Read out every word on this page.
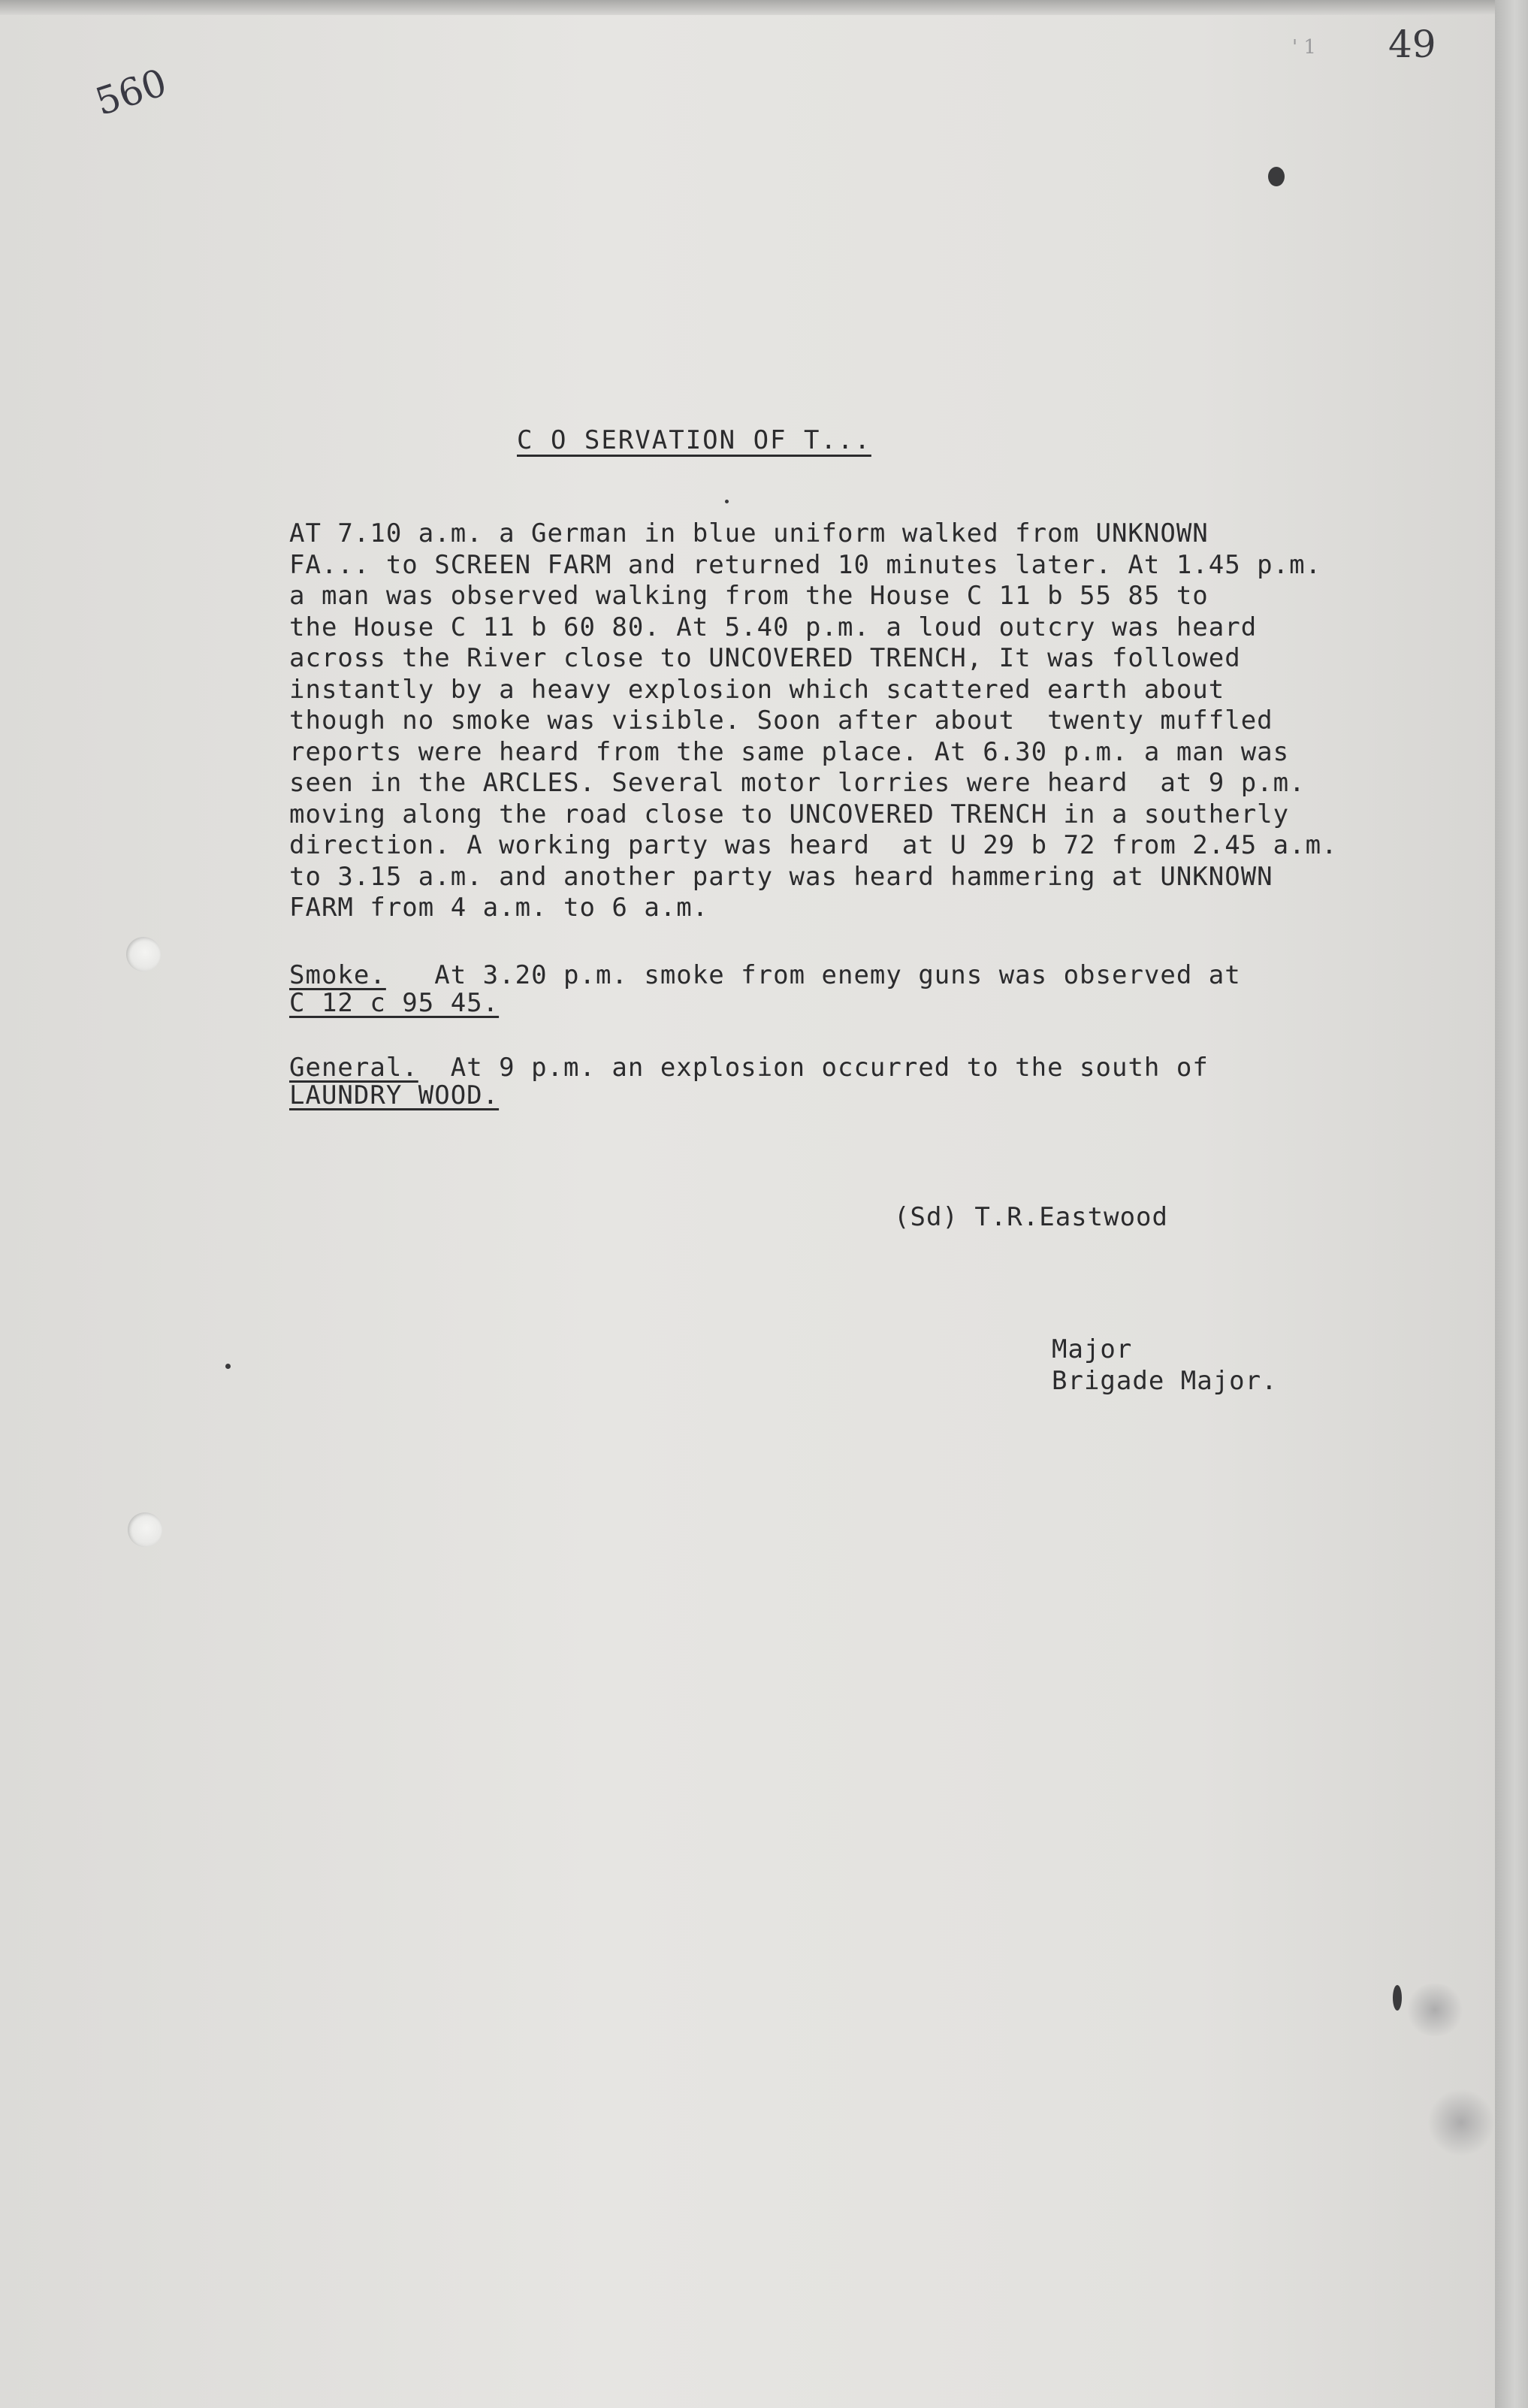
560
' 1 49
C O SERVATION OF T...
AT 7.10 a.m. a German in blue uniform walked from UNKNOWN
FA... to SCREEN FARM and returned 10 minutes later. At 1.45 p.m.
a man was observed walking from the House C 11 b 55 85 to
the House C 11 b 60 80. At 5.40 p.m. a loud outcry was heard
across the River close to UNCOVERED TRENCH, It was followed
instantly by a heavy explosion which scattered earth about
though no smoke was visible. Soon after about  twenty muffled
reports were heard from the same place. At 6.30 p.m. a man was
seen in the ARCLES. Several motor lorries were heard  at 9 p.m.
moving along the road close to UNCOVERED TRENCH in a southerly
direction. A working party was heard  at U 29 b 72 from 2.45 a.m.
to 3.15 a.m. and another party was heard hammering at UNKNOWN
FARM from 4 a.m. to 6 a.m.
Smoke. At 3.20 p.m. smoke from enemy guns was observed at
C 12 c 95 45.
General. At 9 p.m. an explosion occurred to the south of
LAUNDRY WOOD.
(Sd) T.R.Eastwood
Major
Brigade Major.
